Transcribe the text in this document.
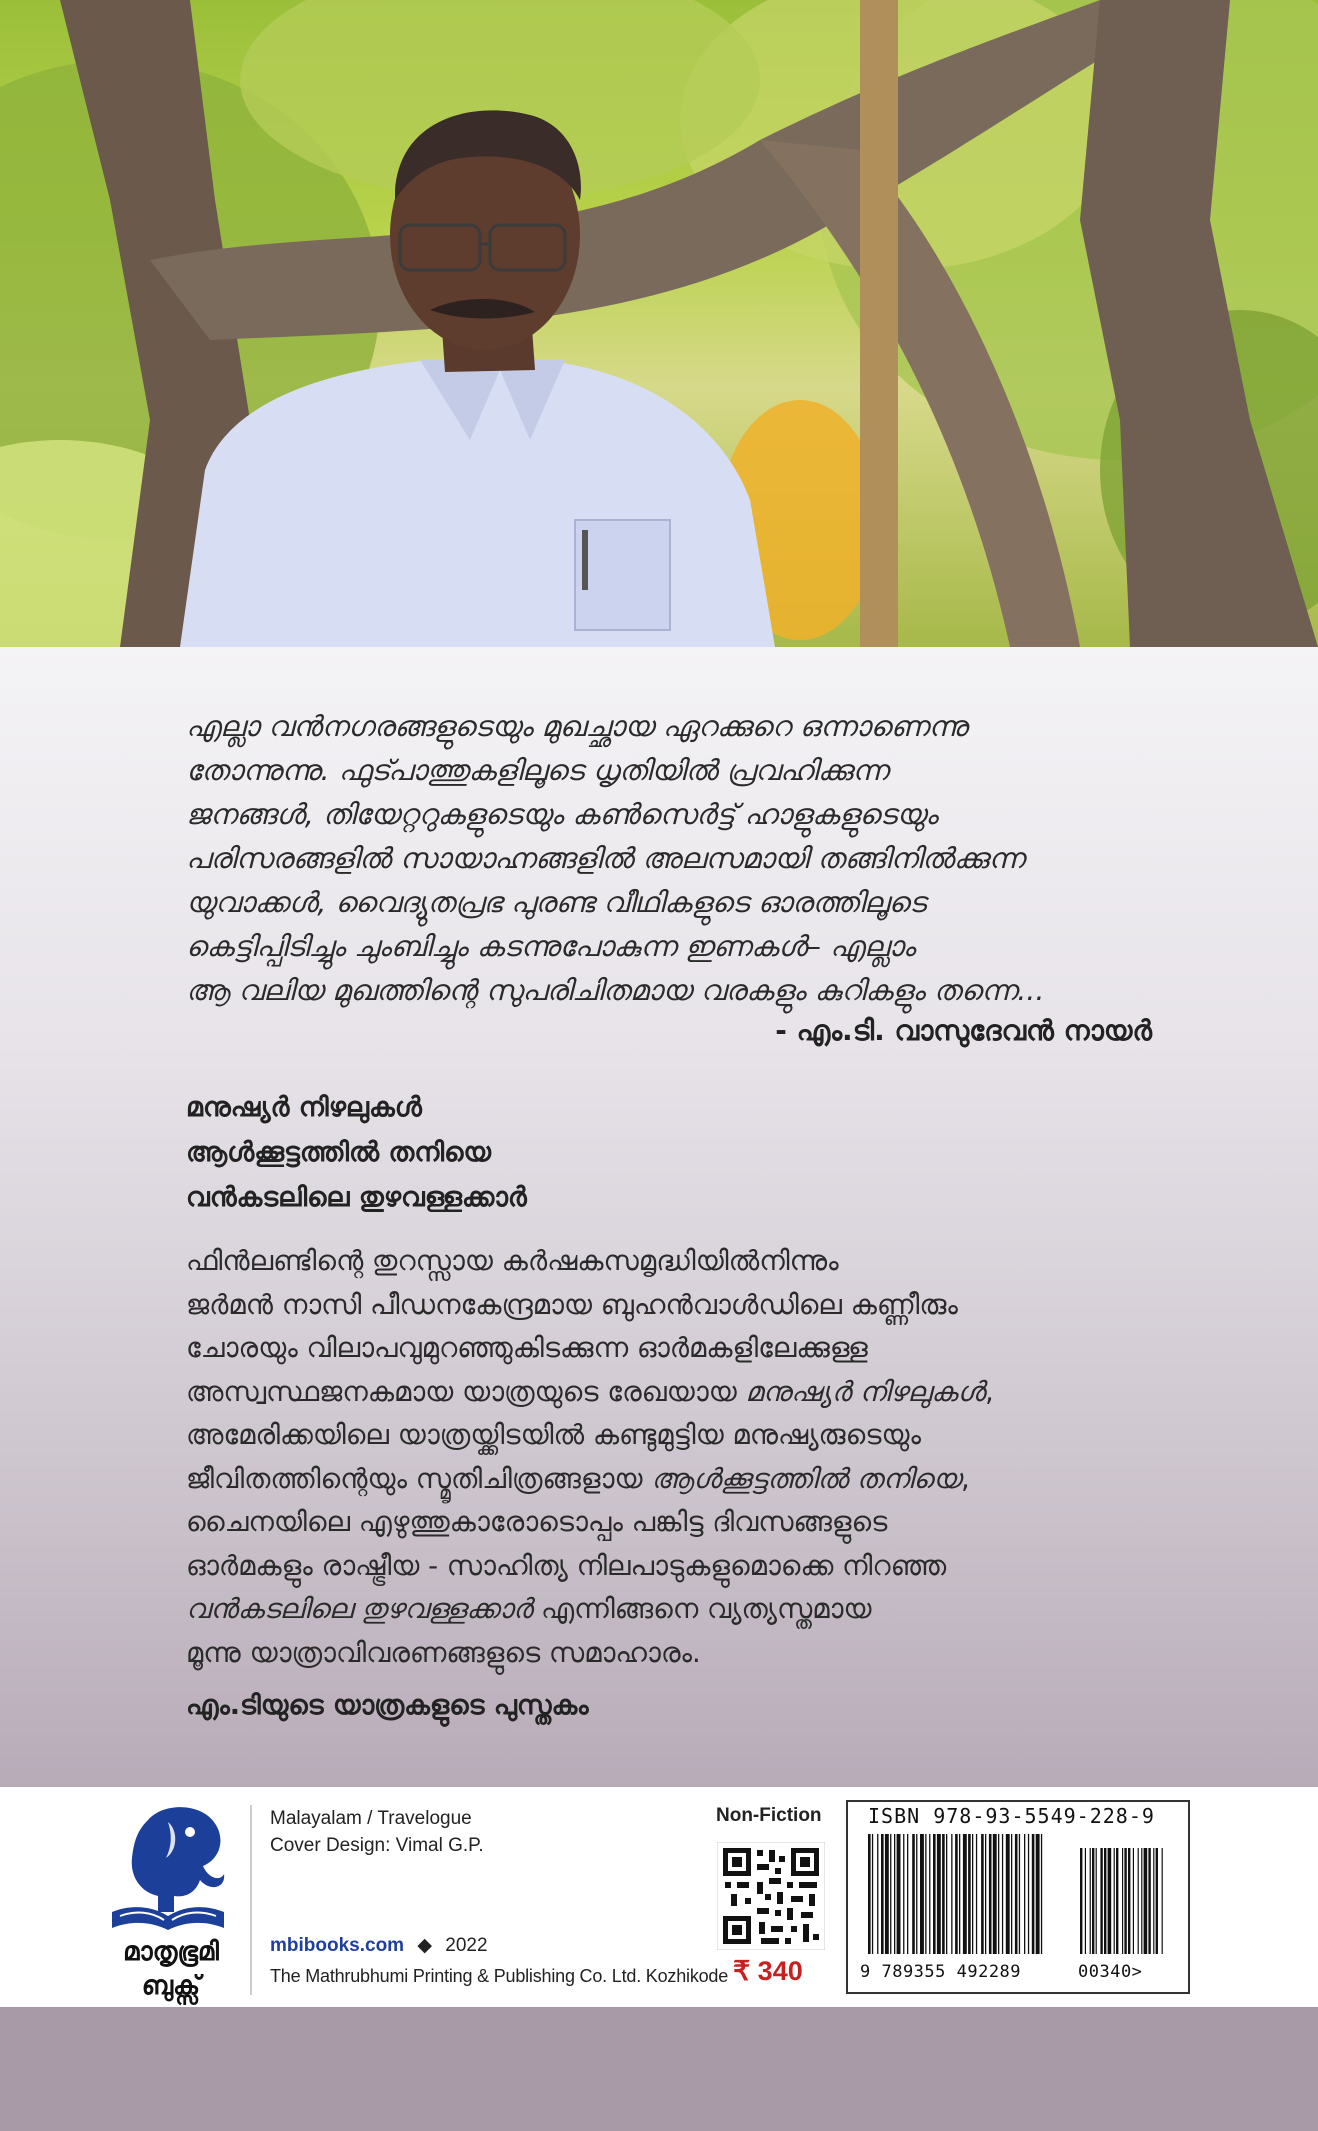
എല്ലാ വൻനഗരങ്ങളുടെയും മുഖച്ഛായ ഏറക്കുറെ ഒന്നാണെന്നു

തോന്നുന്നു. ഫുട്പാത്തുകളിലൂടെ ധൃതിയിൽ പ്രവഹിക്കുന്ന

ജനങ്ങൾ, തിയേറ്ററുകളുടെയും കൺസെർട്ട് ഹാളുകളുടെയും

പരിസരങ്ങളിൽ സായാഹ്നങ്ങളിൽ അലസമായി തങ്ങിനിൽക്കുന്ന

യുവാക്കൾ, വൈദ്യുതപ്രഭ പുരണ്ട വീഥികളുടെ ഓരത്തിലൂടെ

കെട്ടിപ്പിടിച്ചും ചുംബിച്ചും കടന്നുപോകുന്ന ഇണകൾ– എല്ലാം

ആ വലിയ മുഖത്തിന്റെ സുപരിചിതമായ വരകളും കുറികളും തന്നെ...

- എം.ടി. വാസുദേവൻ നായർ
മനുഷ്യർ നിഴലുകൾ
ആൾക്കൂട്ടത്തിൽ തനിയെ
വൻകടലിലെ തുഴവള്ളക്കാർ

ഫിൻലണ്ടിന്റെ തുറസ്സായ കർഷകസമൃദ്ധിയിൽനിന്നും

ജർമൻ നാസി പീഡനകേന്ദ്രമായ ബുഹൻവാൾഡിലെ കണ്ണീരും

ചോരയും വിലാപവുമുറഞ്ഞുകിടക്കുന്ന ഓർമകളിലേക്കുള്ള

അസ്വസ്ഥജനകമായ യാത്രയുടെ രേഖയായ മനുഷ്യർ നിഴലുകൾ,

അമേരിക്കയിലെ യാത്രയ്ക്കിടയിൽ കണ്ടുമുട്ടിയ മനുഷ്യരുടെയും

ജീവിതത്തിന്റെയും സ്മൃതിചിത്രങ്ങളായ ആൾക്കൂട്ടത്തിൽ തനിയെ,

ചൈനയിലെ എഴുത്തുകാരോടൊപ്പം പങ്കിട്ട ദിവസങ്ങളുടെ

ഓർമകളും രാഷ്ട്രീയ - സാഹിത്യ നിലപാടുകളുമൊക്കെ നിറഞ്ഞ

വൻകടലിലെ തുഴവള്ളക്കാർ എന്നിങ്ങനെ വ്യത്യസ്തമായ

മൂന്നു യാത്രാവിവരണങ്ങളുടെ സമാഹാരം.

എം.ടിയുടെ യാത്രകളുടെ പുസ്തകം
മാതൃഭൂമി
ബുക്സ്
Malayalam / Travelogue
Cover Design: Vimal G.P.
mbibooks.com ◆ 2022
The Mathrubhumi Printing & Publishing Co. Ltd. Kozhikode
Non-Fiction
₹ 340
ISBN 978-93-5549-228-9
9 789355 492289	00340>
